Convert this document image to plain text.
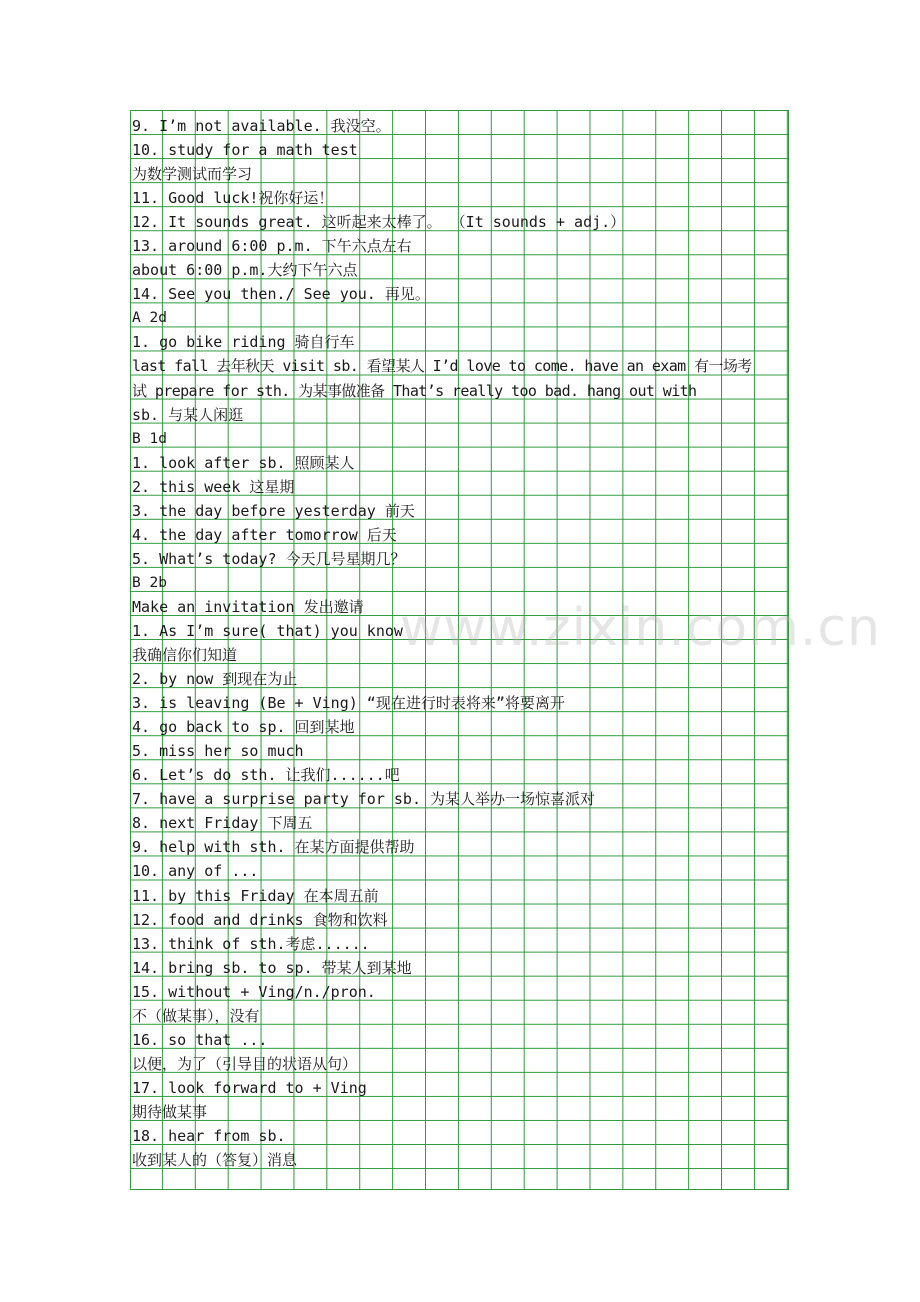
9. I’m not available. 我没空。
10. study for a math test
为数学测试而学习
11. Good luck!祝你好运！
12. It sounds great. 这听起来太棒了。 （It sounds + adj.）
13. around 6:00 p.m. 下午六点左右
about 6:00 p.m.大约下午六点
14. See you then./ See you. 再见。
A 2d
1. go bike riding 骑自行车
last fall 去年秋天 visit sb. 看望某人 I’d love to come. have an exam 有一场考
试 prepare for sth. 为某事做准备 That’s really too bad. hang out with
sb. 与某人闲逛
B 1d
1. look after sb. 照顾某人
2. this week 这星期
3. the day before yesterday 前天
4. the day after tomorrow 后天
5. What’s today? 今天几号星期几？
B 2b
Make an invitation 发出邀请
1. As I’m sure( that) you know
我确信你们知道
2. by now 到现在为止
3. is leaving (Be + Ving) “现在进行时表将来”将要离开
4. go back to sp. 回到某地
5. miss her so much
6. Let’s do sth. 让我们......吧
7. have a surprise party for sb. 为某人举办一场惊喜派对
8. next Friday 下周五
9. help with sth. 在某方面提供帮助
10. any of ...
11. by this Friday 在本周五前
12. food and drinks 食物和饮料
13. think of sth.考虑......
14. bring sb. to sp. 带某人到某地
15. without + Ving/n./pron.
不（做某事），没有
16. so that ...
以便，为了（引导目的状语从句）
17. look forward to + Ving
期待做某事
18. hear from sb.
收到某人的（答复）消息
www.zixin.com.cn
